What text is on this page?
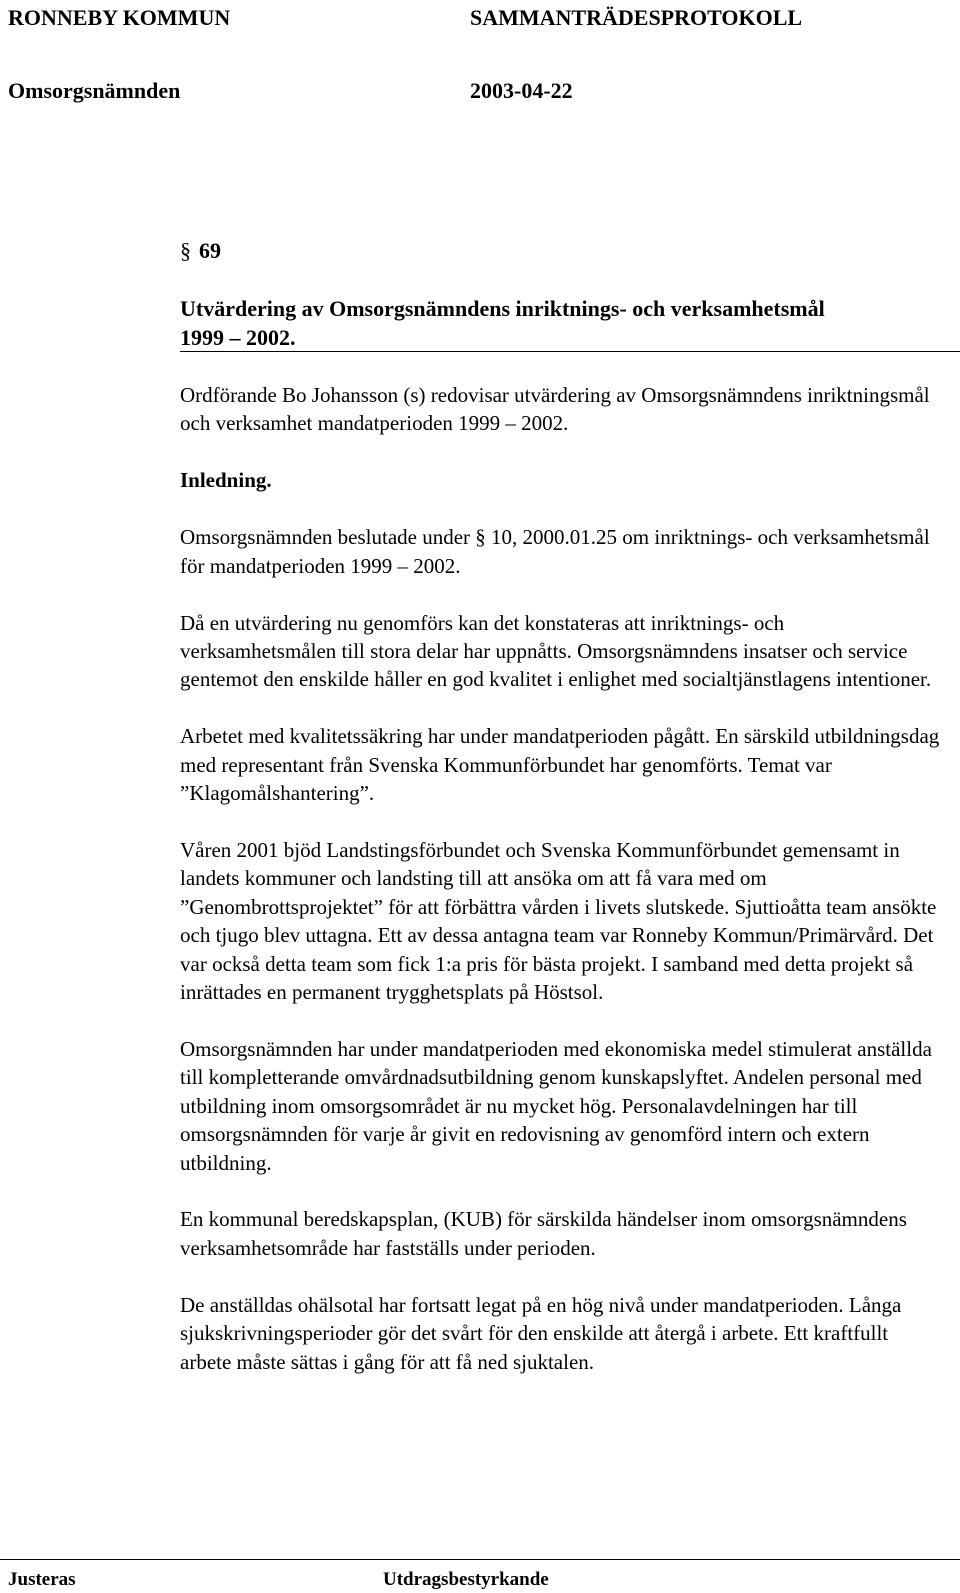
RONNEBY KOMMUN	SAMMANTRÄDESPROTOKOLL
Omsorgsnämnden	2003-04-22
§ 69
Utvärdering av Omsorgsnämndens inriktnings- och verksamhetsmål
1999 – 2002.

Ordförande Bo Johansson (s) redovisar utvärdering av Omsorgsnämndens inriktningsmål och verksamhet mandatperioden 1999 – 2002.

Inledning.

Omsorgsnämnden beslutade under § 10, 2000.01.25 om inriktnings- och verksamhetsmål för mandatperioden 1999 – 2002.

Då en utvärdering nu genomförs kan det konstateras att inriktnings- och verksamhetsmålen till stora delar har uppnåtts. Omsorgsnämndens insatser och service gentemot den enskilde håller en god kvalitet i enlighet med socialtjänstlagens intentioner.

Arbetet med kvalitetssäkring har under mandatperioden pågått. En särskild utbildningsdag med representant från Svenska Kommunförbundet har genomförts. Temat var ”Klagomålshantering”.

Våren 2001 bjöd Landstingsförbundet och Svenska Kommunförbundet gemensamt in landets kommuner och landsting till att ansöka om att få vara med om ”Genombrottsprojektet” för att förbättra vården i livets slutskede. Sjuttioåtta team ansökte och tjugo blev uttagna. Ett av dessa antagna team var Ronneby Kommun/Primärvård. Det var också detta team som fick 1:a pris för bästa projekt. I samband med detta projekt så inrättades en permanent trygghetsplats på Höstsol.

Omsorgsnämnden har under mandatperioden med ekonomiska medel stimulerat anställda till kompletterande omvårdnadsutbildning genom kunskapslyftet. Andelen personal med utbildning inom omsorgsområdet är nu mycket hög. Personalavdelningen har till omsorgsnämnden för varje år givit en redovisning av genomförd intern och extern utbildning.

En kommunal beredskapsplan, (KUB) för särskilda händelser inom omsorgsnämndens verksamhetsområde har fastställs under perioden.

De anställdas ohälsotal har fortsatt legat på en hög nivå under mandatperioden. Långa sjukskrivningsperioder gör det svårt för den enskilde att återgå i arbete. Ett kraftfullt arbete måste sättas i gång för att få ned sjuktalen.

Justeras	Utdragsbestyrkande
